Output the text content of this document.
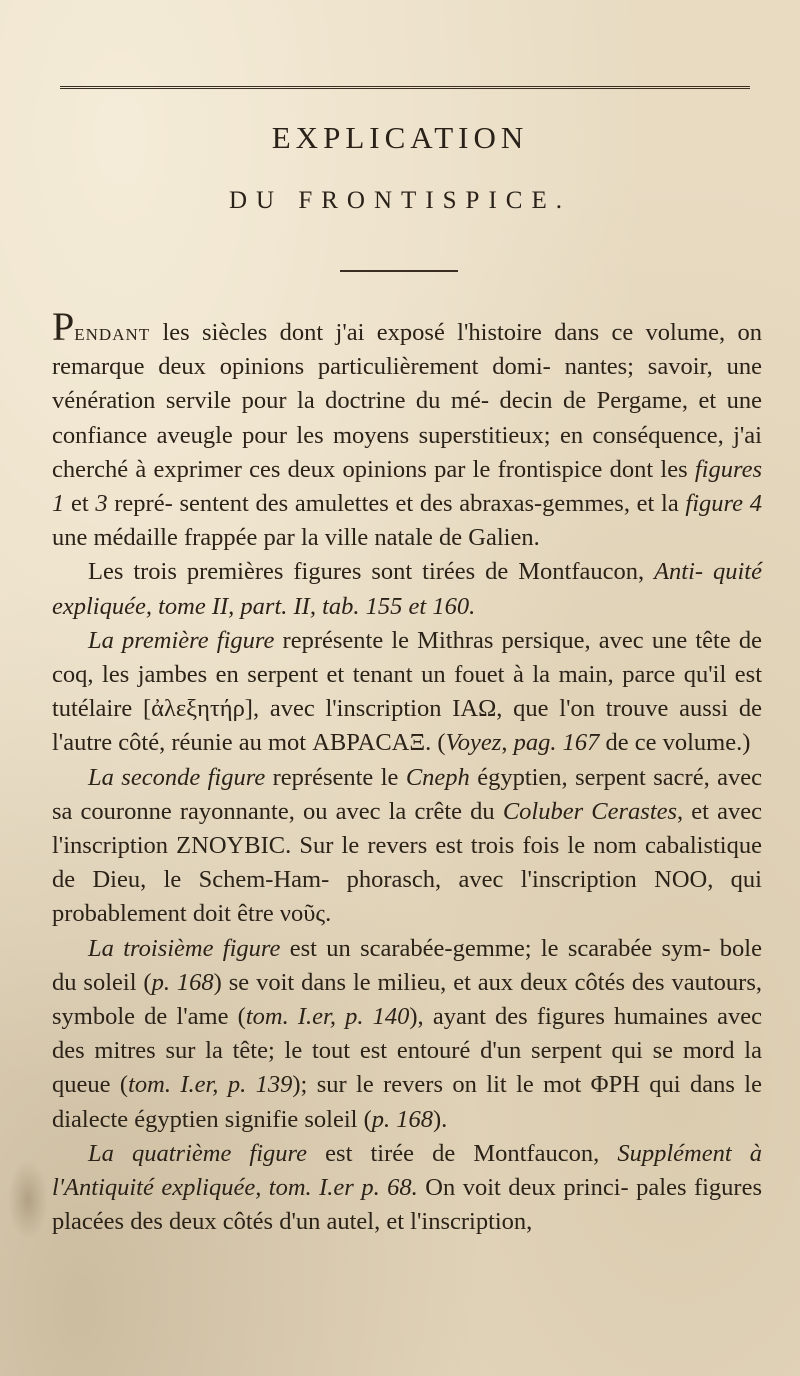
EXPLICATION
DU FRONTISPICE.

Pendant les siècles dont j'ai exposé l'histoire dans ce volume, on remarque deux opinions particulièrement domi- nantes; savoir, une vénération servile pour la doctrine du mé- decin de Pergame, et une confiance aveugle pour les moyens superstitieux; en conséquence, j'ai cherché à exprimer ces deux opinions par le frontispice dont les figures 1 et 3 repré- sentent des amulettes et des abraxas-gemmes, et la figure 4 une médaille frappée par la ville natale de Galien.

Les trois premières figures sont tirées de Montfaucon, Anti- quité expliquée, tome II, part. II, tab. 155 et 160.

La première figure représente le Mithras persique, avec une tête de coq, les jambes en serpent et tenant un fouet à la main, parce qu'il est tutélaire [ἀλεξητήρ], avec l'inscription ΙΑΩ, que l'on trouve aussi de l'autre côté, réunie au mot ΑΒΡΑCΑΞ. (Voyez, pag. 167 de ce volume.)

La seconde figure représente le Cneph égyptien, serpent sacré, avec sa couronne rayonnante, ou avec la crête du Coluber Cerastes, et avec l'inscription ZNOYBIC. Sur le revers est trois fois le nom cabalistique de Dieu, le Schem-Ham- phorasch, avec l'inscription NOO, qui probablement doit être νοῦς.

La troisième figure est un scarabée-gemme; le scarabée sym- bole du soleil (p. 168) se voit dans le milieu, et aux deux côtés des vautours, symbole de l'ame (tom. I.er, p. 140), ayant des figures humaines avec des mitres sur la tête; le tout est entouré d'un serpent qui se mord la queue (tom. I.er, p. 139); sur le revers on lit le mot ΦΡΗ qui dans le dialecte égyptien signifie soleil (p. 168).

La quatrième figure est tirée de Montfaucon, Supplément à l'Antiquité expliquée, tom. I.er p. 68. On voit deux princi- pales figures placées des deux côtés d'un autel, et l'inscription,
